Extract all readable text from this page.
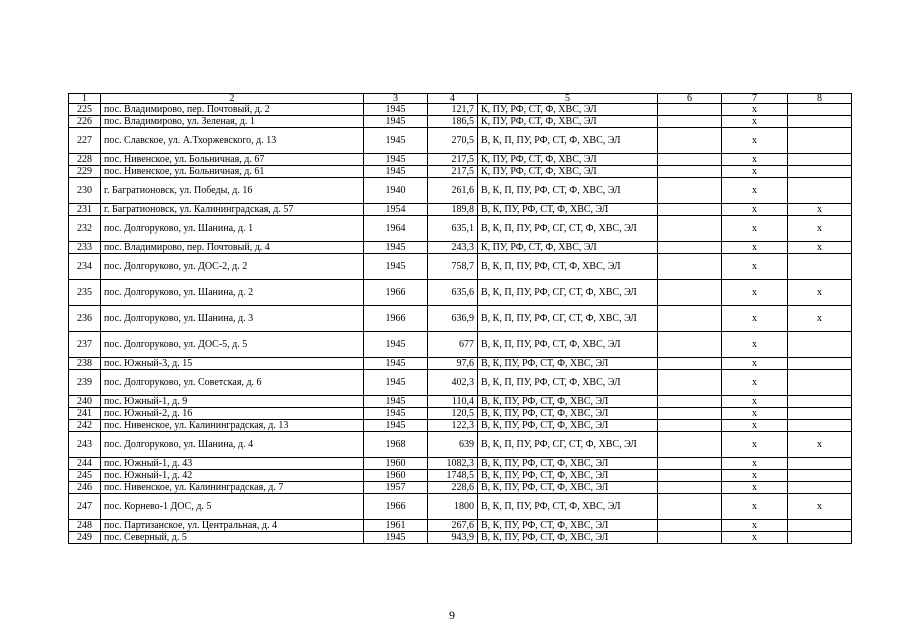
1	2	3	4	5	6	7	8
225	пос. Владимирово, пер. Почтовый, д. 2	1945	121,7	К, ПУ, РФ, СТ, Ф, ХВС, ЭЛ		х	
226	пос. Владимирово, ул. Зеленая, д. 1	1945	186,5	К, ПУ, РФ, СТ, Ф, ХВС, ЭЛ		х	
227	пос. Славское, ул. А.Тхоржевского, д. 13	1945	270,5	В, К, П, ПУ, РФ, СТ, Ф, ХВС, ЭЛ		х	
228	пос. Нивенское, ул. Больничная, д. 67	1945	217,5	К, ПУ, РФ, СТ, Ф, ХВС, ЭЛ		х	
229	пос. Нивенское, ул. Больничная, д. 61	1945	217,5	К, ПУ, РФ, СТ, Ф, ХВС, ЭЛ		х	
230	г. Багратионовск, ул. Победы, д. 16	1940	261,6	В, К, П, ПУ, РФ, СТ, Ф, ХВС, ЭЛ		х	
231	г. Багратионовск, ул. Калининградская, д. 57	1954	189,8	В, К, ПУ, РФ, СТ, Ф, ХВС, ЭЛ		х	х
232	пос. Долгоруково, ул. Шанина, д. 1	1964	635,1	В, К, П, ПУ, РФ, СГ, СТ, Ф, ХВС, ЭЛ		х	х
233	пос. Владимирово, пер. Почтовый, д. 4	1945	243,3	К, ПУ, РФ, СТ, Ф, ХВС, ЭЛ		х	х
234	пос. Долгоруково, ул. ДОС-2, д. 2	1945	758,7	В, К, П, ПУ, РФ, СТ, Ф, ХВС, ЭЛ		х	
235	пос. Долгоруково, ул. Шанина, д. 2	1966	635,6	В, К, П, ПУ, РФ, СГ, СТ, Ф, ХВС, ЭЛ		х	х
236	пос. Долгоруково, ул. Шанина, д. 3	1966	636,9	В, К, П, ПУ, РФ, СГ, СТ, Ф, ХВС, ЭЛ		х	х
237	пос. Долгоруково, ул. ДОС-5, д. 5	1945	677	В, К, П, ПУ, РФ, СТ, Ф, ХВС, ЭЛ		х	
238	пос. Южный-3, д. 15	1945	97,6	В, К, ПУ, РФ, СТ, Ф, ХВС, ЭЛ		х	
239	пос. Долгоруково, ул. Советская, д. 6	1945	402,3	В, К, П, ПУ, РФ, СТ, Ф, ХВС, ЭЛ		х	
240	пос. Южный-1, д. 9	1945	110,4	В, К, ПУ, РФ, СТ, Ф, ХВС, ЭЛ		х	
241	пос. Южный-2, д. 16	1945	120,5	В, К, ПУ, РФ, СТ, Ф, ХВС, ЭЛ		х	
242	пос. Нивенское, ул. Калининградская, д. 13	1945	122,3	В, К, ПУ, РФ, СТ, Ф, ХВС, ЭЛ		х	
243	пос. Долгоруково, ул. Шанина, д. 4	1968	639	В, К, П, ПУ, РФ, СГ, СТ, Ф, ХВС, ЭЛ		х	х
244	пос. Южный-1, д. 43	1960	1082,3	В, К, ПУ, РФ, СТ, Ф, ХВС, ЭЛ		х	
245	пос. Южный-1, д. 42	1960	1748,5	В, К, ПУ, РФ, СТ, Ф, ХВС, ЭЛ		х	
246	пос. Нивенское, ул. Калининградская, д. 7	1957	228,6	В, К, ПУ, РФ, СТ, Ф, ХВС, ЭЛ		х	
247	пос. Корнево-1 ДОС, д. 5	1966	1800	В, К, П, ПУ, РФ, СТ, Ф, ХВС, ЭЛ		х	х
248	пос. Партизанское, ул. Центральная, д. 4	1961	267,6	В, К, ПУ, РФ, СТ, Ф, ХВС, ЭЛ		х	
249	пос. Северный, д. 5	1945	943,9	В, К, ПУ, РФ, СТ, Ф, ХВС, ЭЛ		х	
9
